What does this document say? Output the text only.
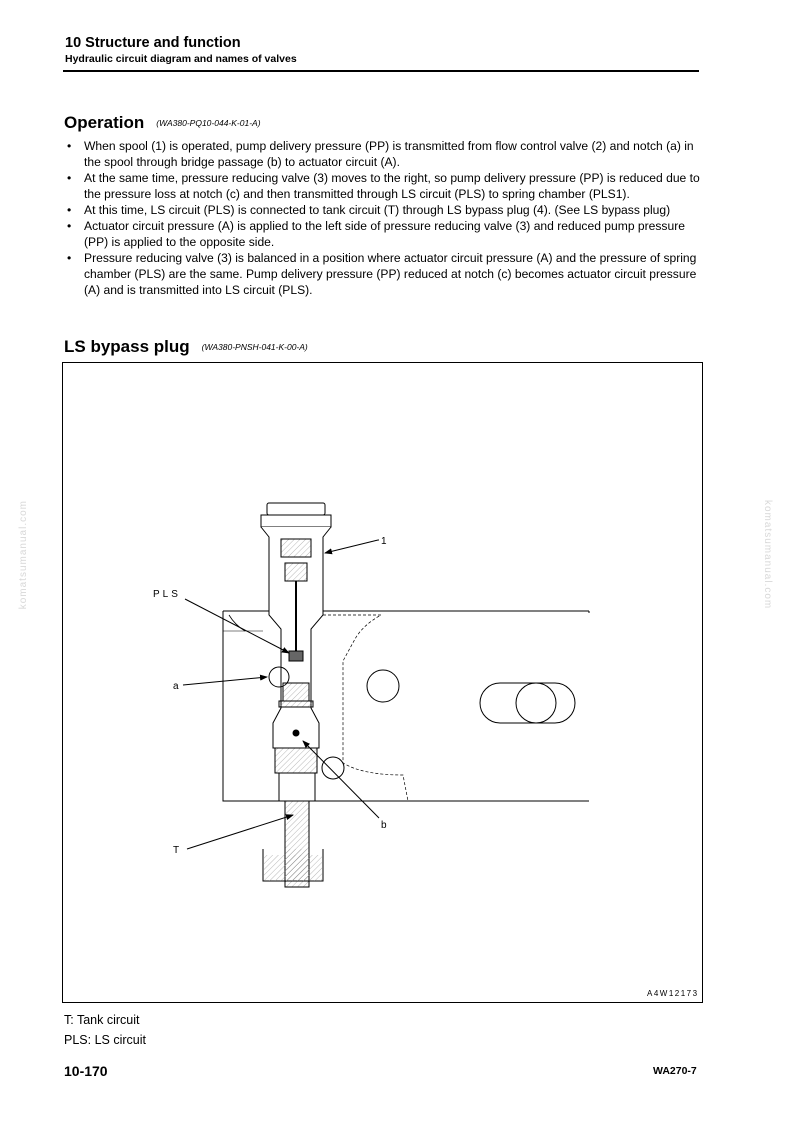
10 Structure and function
Hydraulic circuit diagram and names of valves
Operation (WA380-PQ10-044-K-01-A)
• When spool (1) is operated, pump delivery pressure (PP) is transmitted from flow control valve (2) and notch (a) in the spool through bridge passage (b) to actuator circuit (A).
• At the same time, pressure reducing valve (3) moves to the right, so pump delivery pressure (PP) is reduced due to the pressure loss at notch (c) and then transmitted through LS circuit (PLS) to spring chamber (PLS1).
• At this time, LS circuit (PLS) is connected to tank circuit (T) through LS bypass plug (4). (See LS bypass plug)
• Actuator circuit pressure (A) is applied to the left side of pressure reducing valve (3) and reduced pump pressure (PP) is applied to the opposite side.
• Pressure reducing valve (3) is balanced in a position where actuator circuit pressure (A) and the pressure of spring chamber (PLS) are the same. Pump delivery pressure (PP) reduced at notch (c) becomes actuator circuit pressure (A) and is transmitted into LS circuit (PLS).
LS bypass plug (WA380-PNSH-041-K-00-A)
1
PLS
a
b
T
A4W12173
T: Tank circuit
PLS: LS circuit
10-170	WA270-7
komatsumanual.com	komatsumanual.com
